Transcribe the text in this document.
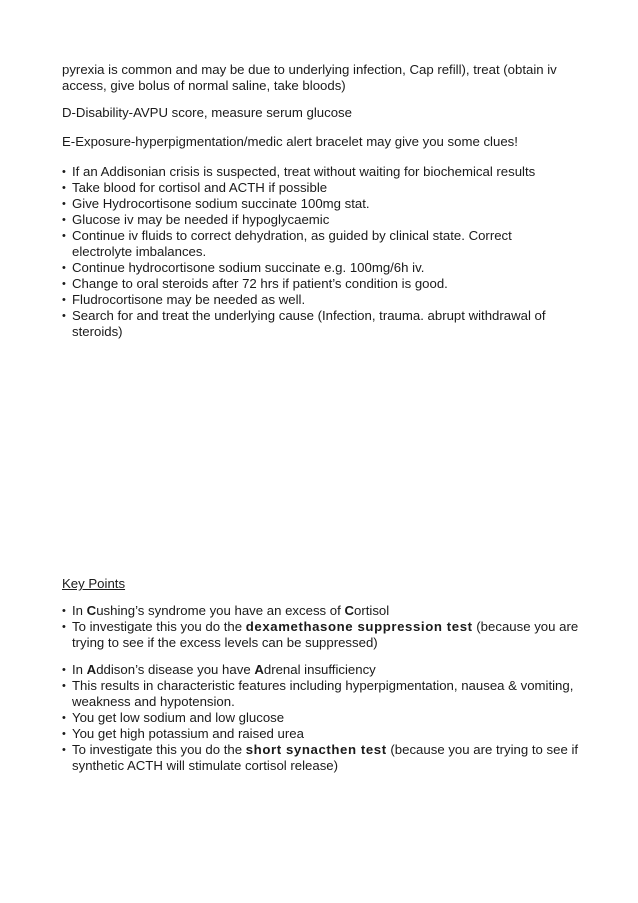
pyrexia is common and may be due to underlying infection, Cap refill), treat (obtain iv access, give bolus of normal saline, take bloods)

D-Disability-AVPU score, measure serum glucose

E-Exposure-hyperpigmentation/medic alert bracelet may give you some clues!

• If an Addisonian crisis is suspected, treat without waiting for biochemical results
• Take blood for cortisol and ACTH if possible
• Give Hydrocortisone sodium succinate 100mg stat.
• Glucose iv may be needed if hypoglycaemic
• Continue iv fluids to correct dehydration, as guided by clinical state. Correct electrolyte imbalances.
• Continue hydrocortisone sodium succinate e.g. 100mg/6h iv.
• Change to oral steroids after 72 hrs if patient’s condition is good.
• Fludrocortisone may be needed as well.
• Search for and treat the underlying cause (Infection, trauma. abrupt withdrawal of steroids)

Key Points

• In Cushing’s syndrome you have an excess of Cortisol
• To investigate this you do the dexamethasone suppression test (because you are trying to see if the excess levels can be suppressed)
• In Addison’s disease you have Adrenal insufficiency
• This results in characteristic features including hyperpigmentation, nausea & vomiting, weakness and hypotension.
• You get low sodium and low glucose
• You get high potassium and raised urea
• To investigate this you do the short synacthen test (because you are trying to see if synthetic ACTH will stimulate cortisol release)
